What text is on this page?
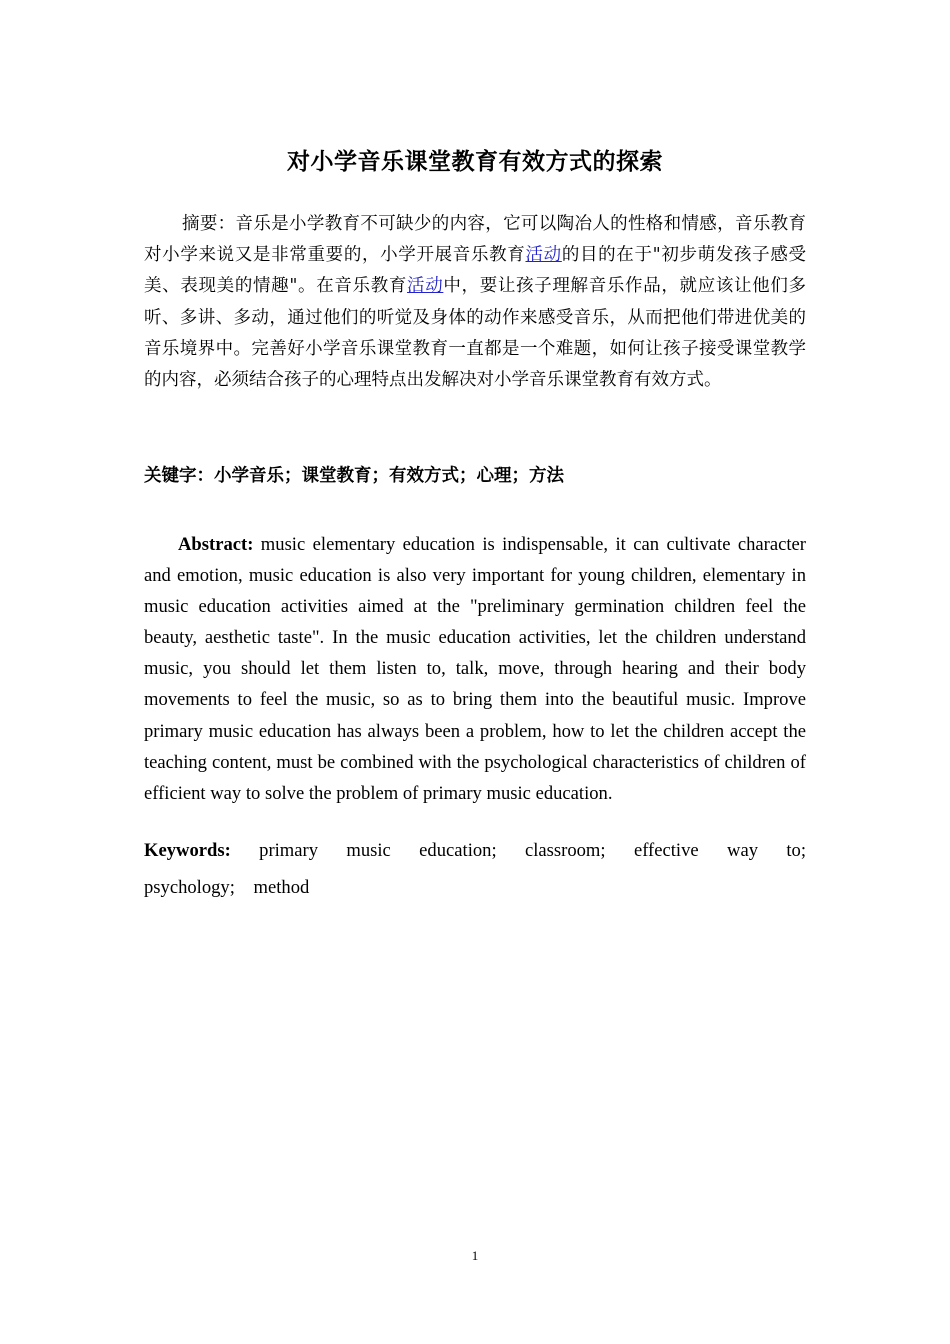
对小学音乐课堂教育有效方式的探索
摘要：音乐是小学教育不可缺少的内容，它可以陶冶人的性格和情感，音乐教育对小学来说又是非常重要的，小学开展音乐教育活动的目的在于"初步萌发孩子感受美、表现美的情趣"。在音乐教育活动中，要让孩子理解音乐作品，就应该让他们多听、多讲、多动，通过他们的听觉及身体的动作来感受音乐，从而把他们带进优美的音乐境界中。完善好小学音乐课堂教育一直都是一个难题，如何让孩子接受课堂教学的内容，必须结合孩子的心理特点出发解决对小学音乐课堂教育有效方式。
关键字：小学音乐；课堂教育；有效方式；心理；方法
Abstract: music elementary education is indispensable, it can cultivate character and emotion, music education is also very important for young children, elementary in music education activities aimed at the "preliminary germination children feel the beauty, aesthetic taste". In the music education activities, let the children understand music, you should let them listen to, talk, move, through hearing and their body movements to feel the music, so as to bring them into the beautiful music. Improve primary music education has always been a problem, how to let the children accept the teaching content, must be combined with the psychological characteristics of children of efficient way to solve the problem of primary music education.
Keywords: primary music education; classroom; effective way to; psychology; method
1
